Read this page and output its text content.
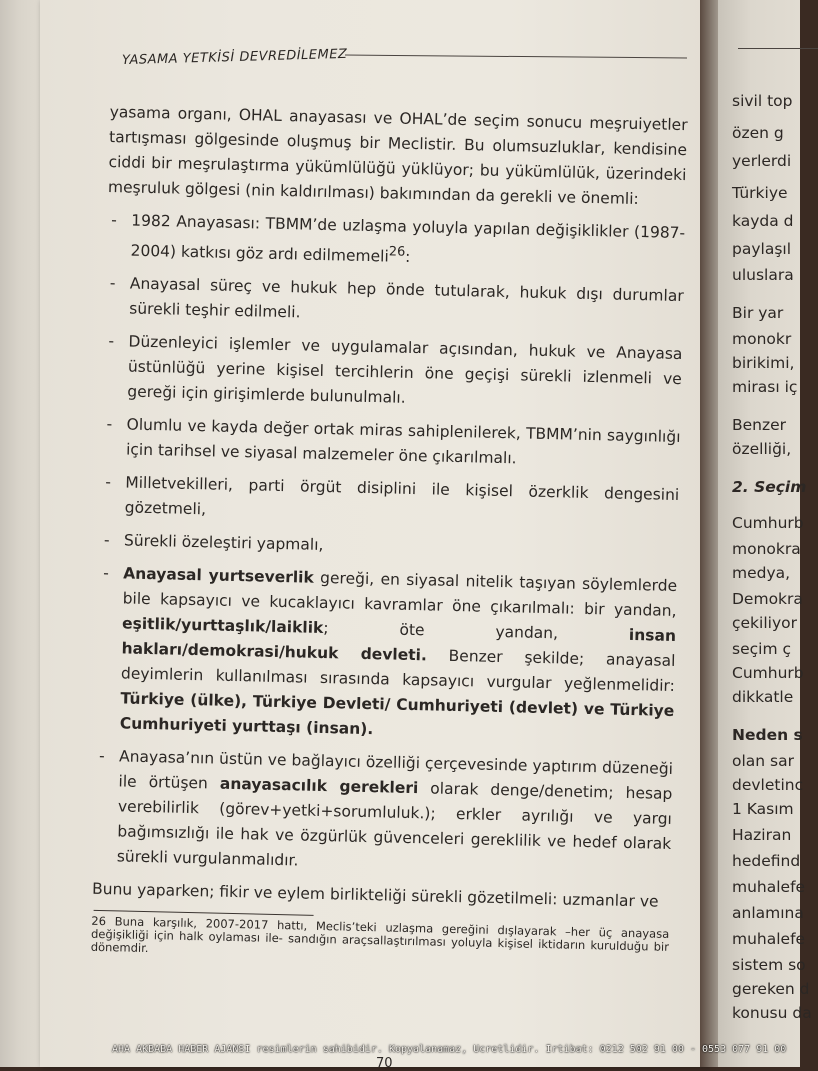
sivil top
özen g
yerlerdi
Türkiye
kayda d
paylaşıl
uluslara
Bir yar
monokr
birikimi,
mirası iç
Benzer
özelliği,
2. Seçim
Cumhurb
monokra
medya,
Demokra
çekiliyor
seçim ç
Cumhurb
dikkatle
Neden s
olan sar
devletinc
1 Kasım
Haziran
hedefind
muhalefe
anlamına
muhalefe
sistem so
gereken d
konusu da
YASAMA YETKİSİ DEVREDİLEMEZ

yasama organı, OHAL anayasası ve OHAL’de seçim sonucu meşruiyetler tartışması gölgesinde oluşmuş bir Meclistir. Bu olumsuzluklar, kendisine ciddi bir meşrulaştırma yükümlülüğü yüklüyor; bu yükümlülük, üzerindeki meşruluk gölgesi (nin kaldırılması) bakımından da gerekli ve önemli:

- 1982 Anayasası: TBMM’de uzlaşma yoluyla yapılan değişiklikler (1987-2004) katkısı göz ardı edilmemeli$^{26}$:
- Anayasal süreç ve hukuk hep önde tutularak, hukuk dışı durumlar sürekli teşhir edilmeli.
- Düzenleyici işlemler ve uygulamalar açısından, hukuk ve Anayasa üstünlüğü yerine kişisel tercihlerin öne geçişi sürekli izlenmeli ve gereği için girişimlerde bulunulmalı.
- Olumlu ve kayda değer ortak miras sahiplenilerek, TBMM’nin saygınlığı için tarihsel ve siyasal malzemeler öne çıkarılmalı.
- Milletvekilleri, parti örgüt disiplini ile kişisel özerklik dengesini gözetmeli,
- Sürekli özeleştiri yapmalı,
- Anayasal yurtseverlik gereği, en siyasal nitelik taşıyan söylemlerde bile kapsayıcı ve kucaklayıcı kavramlar öne çıkarılmalı: bir yandan, eşitlik/yurttaşlık/laiklik; öte yandan, insan hakları/demokrasi/hukuk devleti. Benzer şekilde; anayasal deyimlerin kullanılması sırasında kapsayıcı vurgular yeğlenmelidir: Türkiye (ülke), Türkiye Devleti/ Cumhuriyeti (devlet) ve Türkiye Cumhuriyeti yurttaşı (insan).
- Anayasa’nın üstün ve bağlayıcı özelliği çerçevesinde yaptırım düzeneği ile örtüşen anayasacılık gerekleri olarak denge/denetim; hesap verebilirlik (görev+yetki+sorumluluk.); erkler ayrılığı ve yargı bağımsızlığı ile hak ve özgürlük güvenceleri gereklilik ve hedef olarak sürekli vurgulanmalıdır.

Bunu yaparken; fikir ve eylem birlikteliği sürekli gözetilmeli: uzmanlar ve

26 Buna karşılık, 2007-2017 hattı, Meclis’teki uzlaşma gereğini dışlayarak –her üç anayasa değişikliği için halk oylaması ile- sandığın araçsallaştırılması yoluyla kişisel iktidarın kurulduğu bir dönemdir.

70
AHA AKBABA HABER AJANSI resimlerin sahibidir. Kopyalanamaz, Ucretlidir. Irtibat: 0212 502 91 00 - 0553 077 91 00
